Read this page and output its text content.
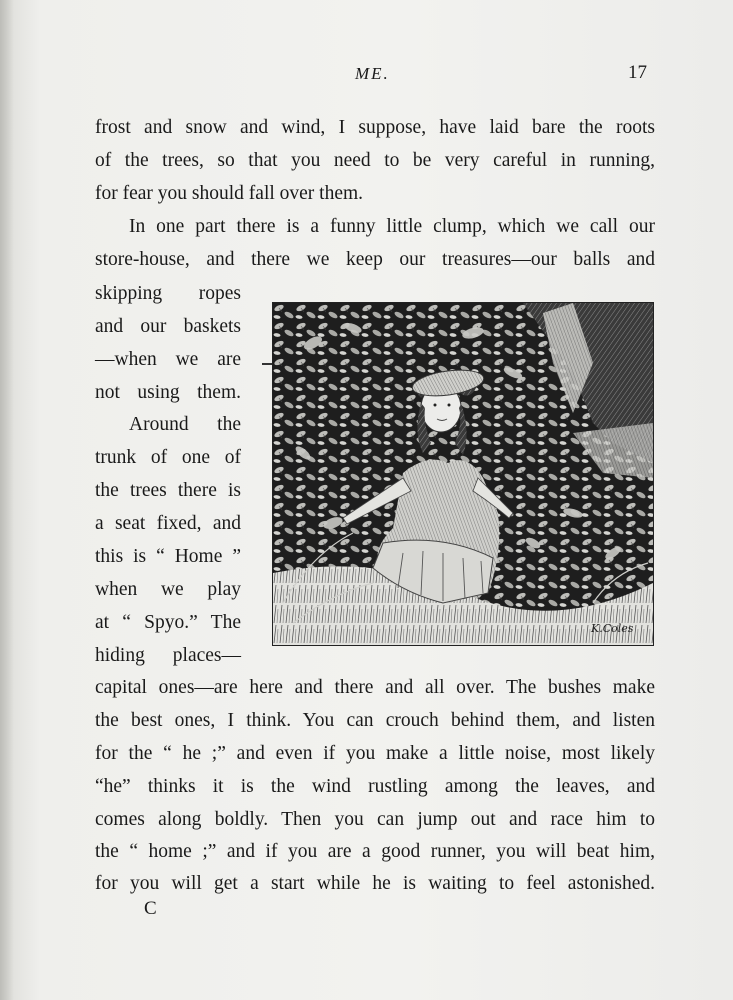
ME.	17
frost and snow and wind, I suppose, have laid bare the roots
of the trees, so that you need to be very careful in running,
for fear you should fall over them.
In one part there is a funny little clump, which we call our
store-house, and there we keep our treasures—our balls and
skipping ropes
and our baskets
—when we are
not using them.
Around the
trunk of one of
the trees there is
a seat fixed, and
this is “ Home ”
when we play
at “ Spyo.” The
hiding places—
capital ones—are here and there and all over. The bushes make
the best ones, I think. You can crouch behind them, and listen
for the “ he ;” and even if you make a little noise, most likely
“he” thinks it is the wind rustling among the leaves, and
comes along boldly. Then you can jump out and race him to
the “ home ;” and if you are a good runner, you will beat him,
for you will get a start while he is waiting to feel astonished.
C
K.Coles
